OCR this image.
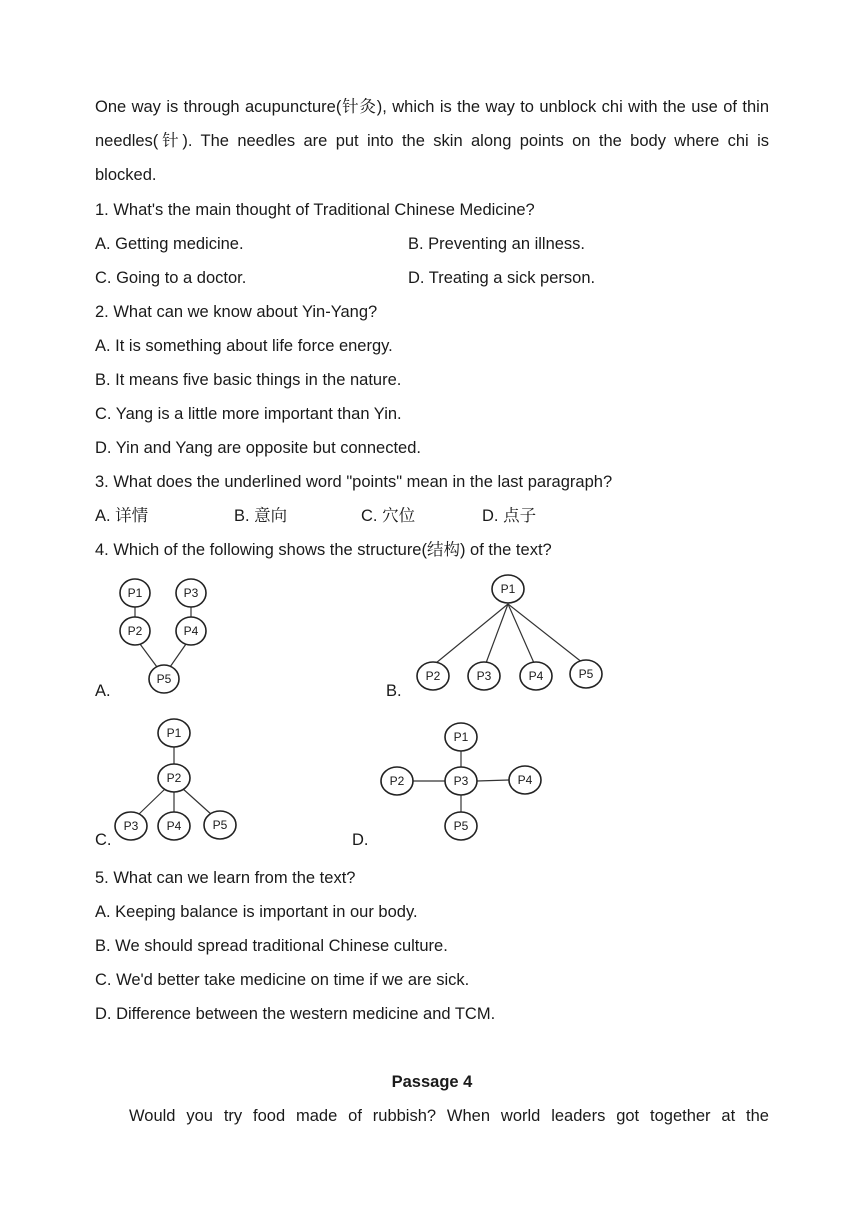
One way is through acupuncture(针灸), which is the way to unblock chi with the use of thin needles(针). The needles are put into the skin along points on the body where chi is blocked.
1. What's the main thought of Traditional Chinese Medicine?
A. Getting medicine.	B. Preventing an illness.
C. Going to a doctor.	D. Treating a sick person.
2. What can we know about Yin-Yang?
A. It is something about life force energy.
B. It means five basic things in the nature.
C. Yang is a little more important than Yin.
D. Yin and Yang are opposite but connected.
3. What does the underlined word "points" mean in the last paragraph?
A. 详情	B. 意向	C. 穴位	D. 点子
4. Which of the following shows the structure(结构) of the text?
A.	B.
C.	D.
P1	P3
P2	P4
P5
P1
P2	P3	P4	P5
P1
P2
P3 P4	P5
P1
P2	P3	P4
P5
5. What can we learn from the text?
A. Keeping balance is important in our body.
B. We should spread traditional Chinese culture.
C. We'd better take medicine on time if we are sick.
D. Difference between the western medicine and TCM.
Passage 4
Would you try food made of rubbish? When world leaders got together at the
